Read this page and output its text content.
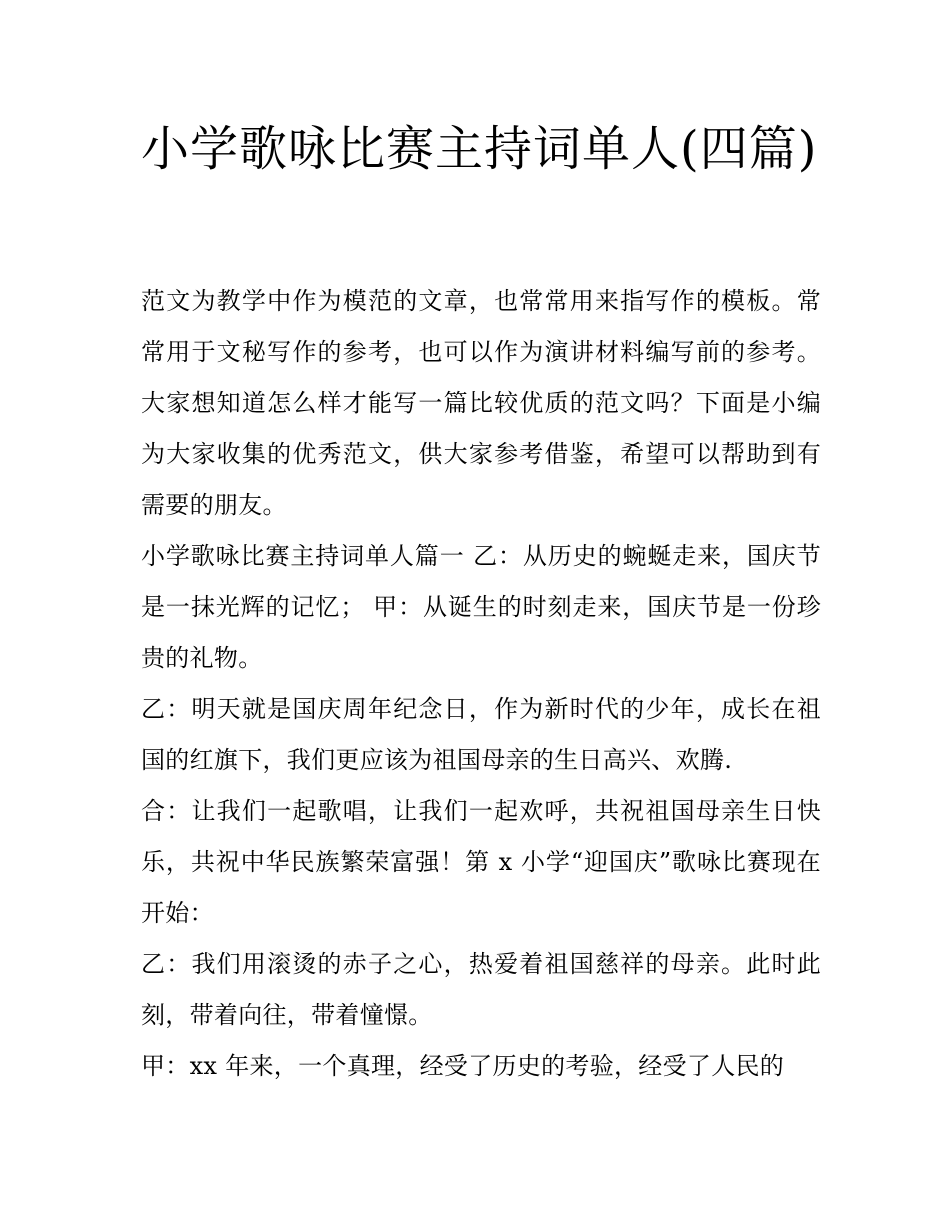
小学歌咏比赛主持词单人(四篇)

范文为教学中作为模范的文章，也常常用来指写作的模板。常常用于文秘写作的参考，也可以作为演讲材料编写前的参考。大家想知道怎么样才能写一篇比较优质的范文吗？下面是小编为大家收集的优秀范文，供大家参考借鉴，希望可以帮助到有需要的朋友。

小学歌咏比赛主持词单人篇一 乙：从历史的蜿蜒走来，国庆节是一抹光辉的记忆； 甲：从诞生的时刻走来，国庆节是一份珍贵的礼物。

乙：明天就是国庆周年纪念日，作为新时代的少年，成长在祖国的红旗下，我们更应该为祖国母亲的生日高兴、欢腾.

合：让我们一起歌唱，让我们一起欢呼，共祝祖国母亲生日快乐，共祝中华民族繁荣富强！第 x 小学“迎国庆”歌咏比赛现在开始：

乙：我们用滚烫的赤子之心，热爱着祖国慈祥的母亲。此时此刻，带着向往，带着憧憬。

甲：xx 年来，一个真理，经受了历史的考验，经受了人民的
